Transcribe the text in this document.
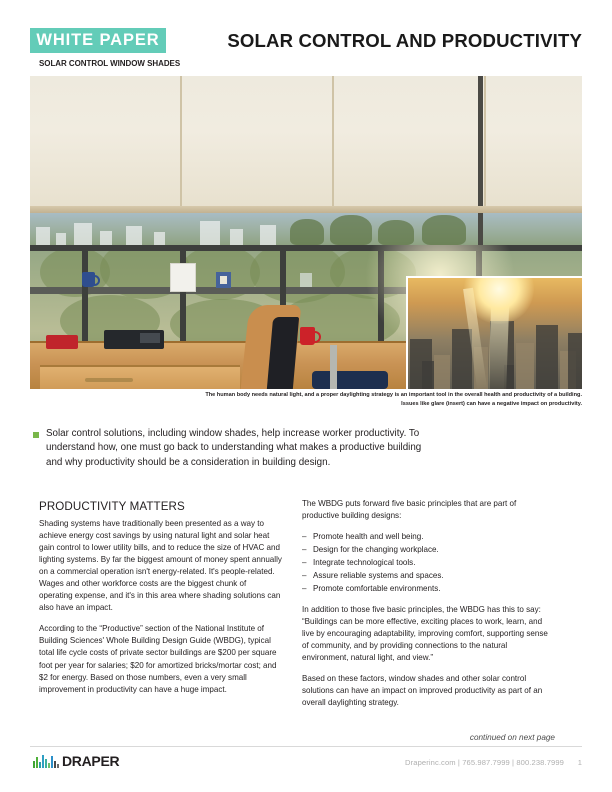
WHITE PAPER
SOLAR CONTROL WINDOW SHADES
SOLAR CONTROL AND PRODUCTIVITY
The human body needs natural light, and a proper daylighting strategy is an important tool in the overall health and productivity of a building. Issues like glare (insert) can have a negative impact on productivity.
Solar control solutions, including window shades, help increase worker productivity. To understand how, one must go back to understanding what makes a productive building and why productivity should be a consideration in building design.
PRODUCTIVITY MATTERS

Shading systems have traditionally been presented as a way to achieve energy cost savings by using natural light and solar heat gain control to lower utility bills, and to reduce the size of HVAC and lighting systems. By far the biggest amount of money spent annually on a commercial operation isn't energy-related. It's people-related. Wages and other workforce costs are the biggest chunk of operating expense, and it's in this area where shading solutions can also have an impact.

According to the “Productive” section of the National Institute of Building Sciences' Whole Building Design Guide (WBDG), typical total life cycle costs of private sector buildings are $200 per square foot per year for salaries; $20 for amortized bricks/mortar cost; and $2 for energy. Based on those numbers, even a very small improvement in productivity can have a huge impact.

The WBDG puts forward five basic principles that are part of productive building designs:

– Promote health and well being.
– Design for the changing workplace.
– Integrate technological tools.
– Assure reliable systems and spaces.
– Promote comfortable environments.

In addition to those five basic principles, the WBDG has this to say: “Buildings can be more effective, exciting places to work, learn, and live by encouraging adaptability, improving comfort, supporting sense of community, and by providing connections to the natural environment, natural light, and view.”

Based on these factors, window shades and other solar control solutions can have an impact on improved productivity as part of an overall daylighting strategy.

continued on next page
DRAPER	Draperinc.com | 765.987.7999 | 800.238.7999 1
